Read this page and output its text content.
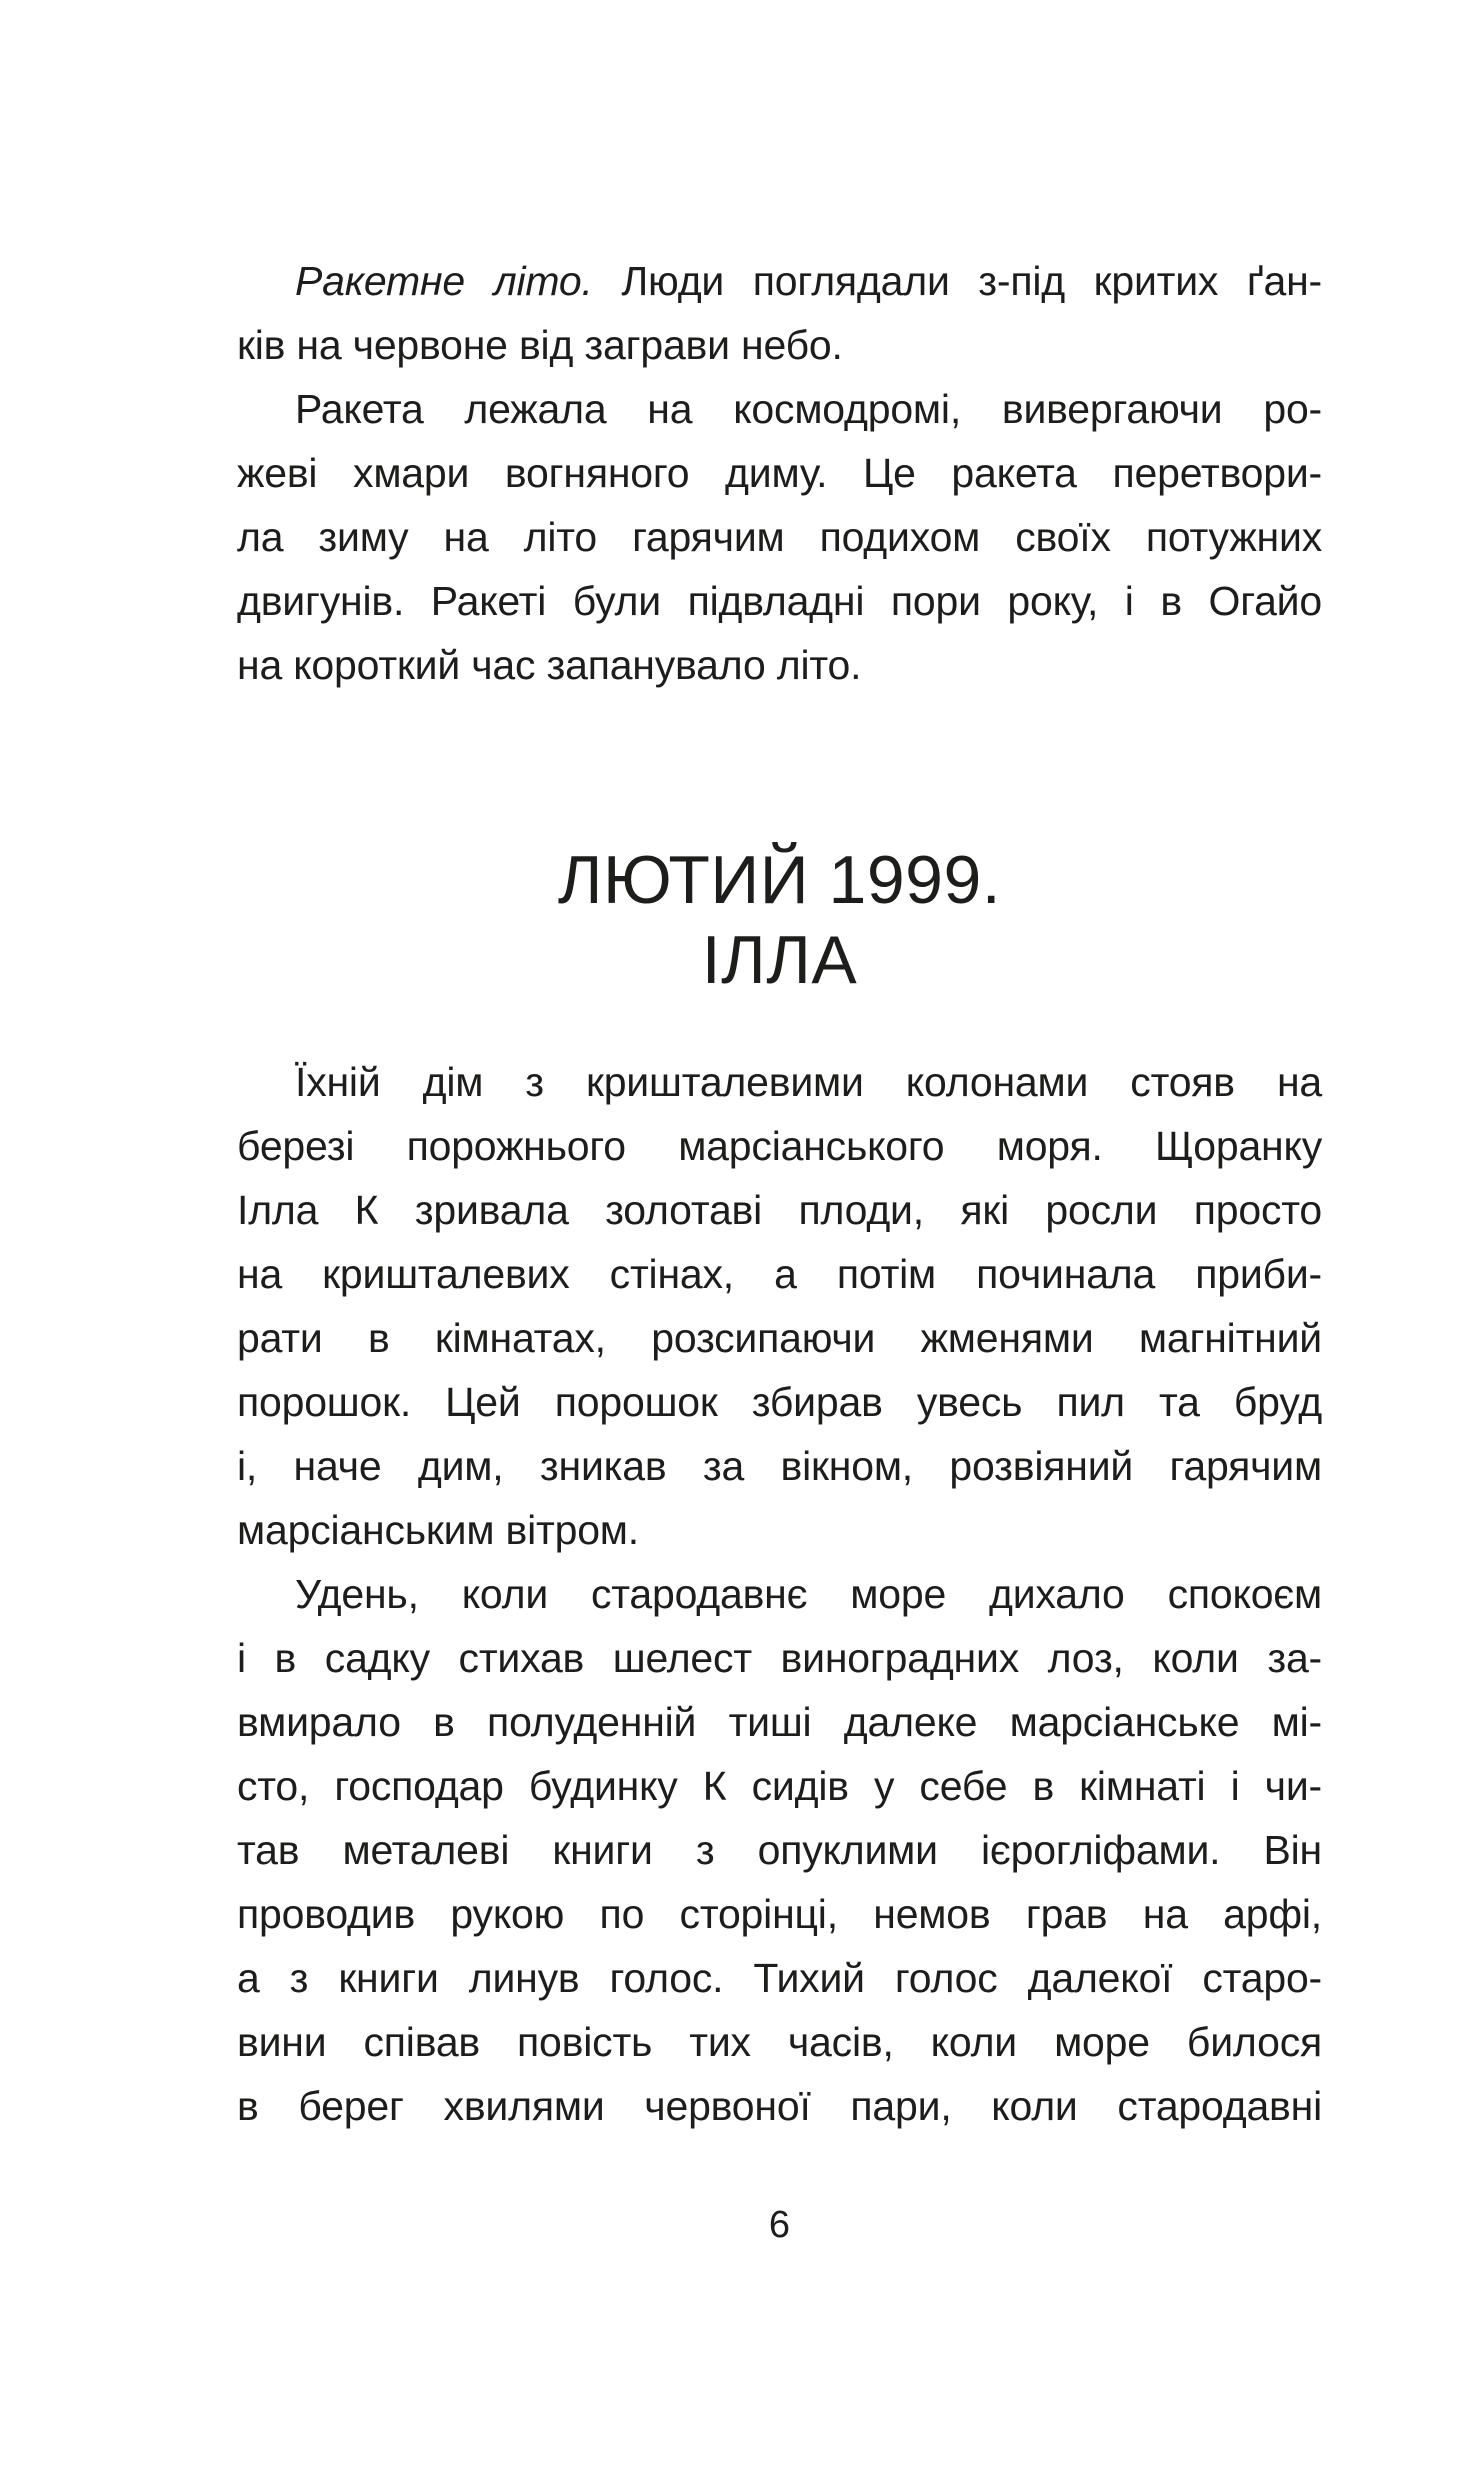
Ракетне літо. Люди поглядали з-під критих ґан-
ків на червоне від заграви небо.

Ракета лежала на космодромі, вивергаючи ро-
жеві хмари вогняного диму. Це ракета перетвори-
ла зиму на літо гарячим подихом своїх потужних
двигунів. Ракеті були підвладні пори року, і в Огайо
на короткий час запанувало літо.

ЛЮТИЙ 1999.
ІЛЛА

Їхній дім з кришталевими колонами стояв на
березі порожнього марсіанського моря. Щоранку
Ілла К зривала золотаві плоди, які росли просто
на кришталевих стінах, а потім починала приби-
рати в кімнатах, розсипаючи жменями магнітний
порошок. Цей порошок збирав увесь пил та бруд
і, наче дим, зникав за вікном, розвіяний гарячим
марсіанським вітром.

Удень, коли стародавнє море дихало спокоєм
і в садку стихав шелест виноградних лоз, коли за-
вмирало в полуденній тиші далеке марсіанське мі-
сто, господар будинку К сидів у себе в кімнаті і чи-
тав металеві книги з опуклими ієрогліфами. Він
проводив рукою по сторінці, немов грав на арфі,
а з книги линув голос. Тихий голос далекої старо-
вини співав повість тих часів, коли море билося
в берег хвилями червоної пари, коли стародавні

6
